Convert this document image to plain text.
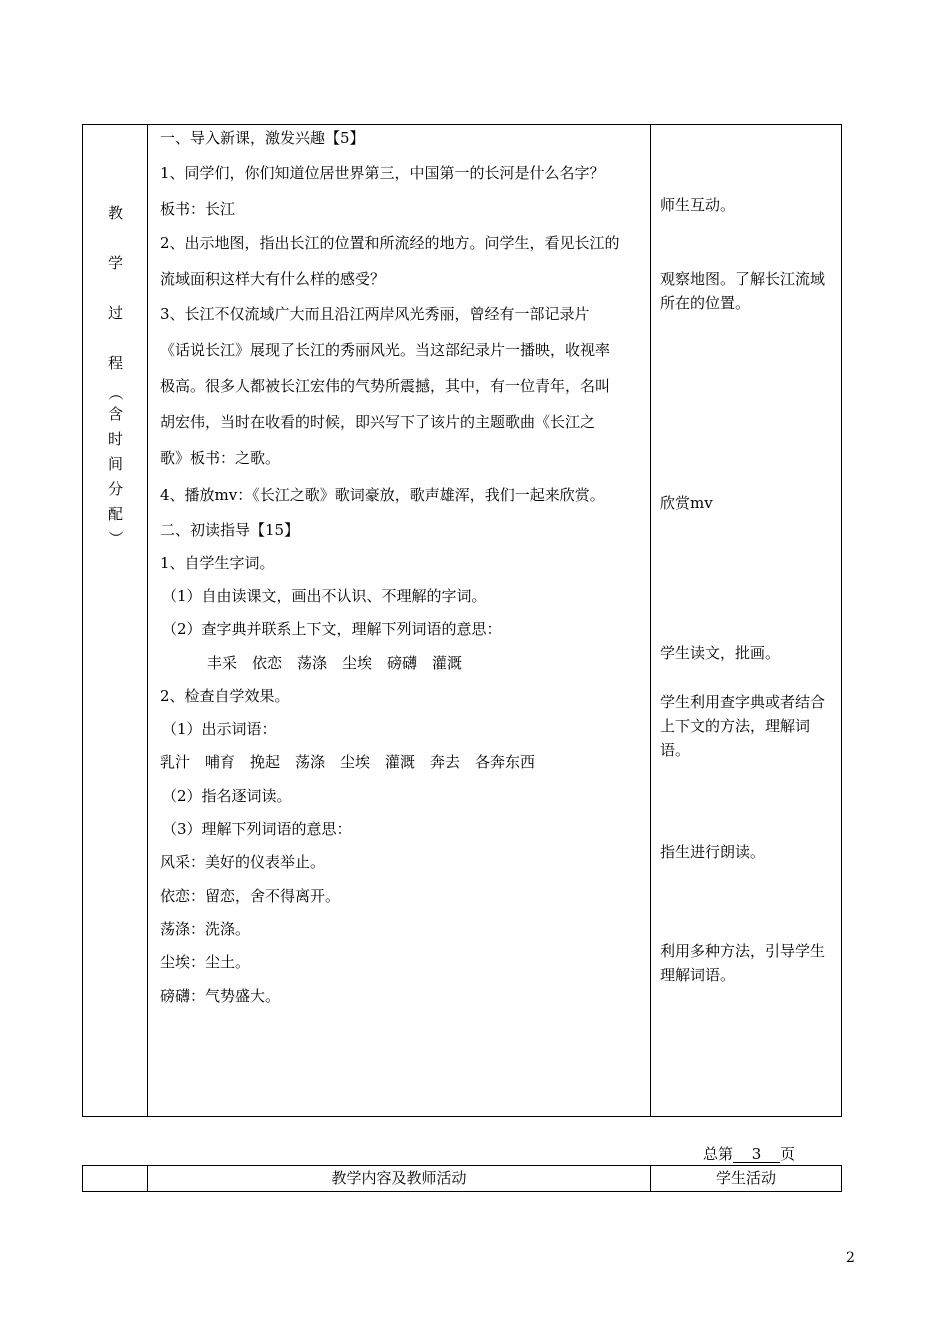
教
学
过
程
（
含
时
间
分
配
）
一、导入新课，激发兴趣【5】
1、同学们，你们知道位居世界第三，中国第一的长河是什么名字？
板书：长江
2、出示地图，指出长江的位置和所流经的地方。问学生，看见长江的
流域面积这样大有什么样的感受？
3、长江不仅流域广大而且沿江两岸风光秀丽，曾经有一部记录片
《话说长江》展现了长江的秀丽风光。当这部纪录片一播映，收视率
极高。很多人都被长江宏伟的气势所震撼，其中，有一位青年，名叫
胡宏伟，当时在收看的时候，即兴写下了该片的主题歌曲《长江之
歌》板书：之歌。
4、播放mv：《长江之歌》歌词豪放，歌声雄浑，我们一起来欣赏。
二、初读指导【15】
1、自学生字词。
（1）自由读课文，画出不认识、不理解的字词。
（2）查字典并联系上下文，理解下列词语的意思：
丰采　依恋　荡涤　尘埃　磅礴　灌溉
2、检查自学效果。
（1）出示词语：
乳汁　哺育　挽起　荡涤　尘埃　灌溉　奔去　各奔东西
（2）指名逐词读。
（3）理解下列词语的意思：
风采：美好的仪表举止。
依恋：留恋，舍不得离开。
荡涤：洗涤。
尘埃：尘土。
磅礴：气势盛大。
师生互动。
观察地图。了解长江流域所在的位置。
欣赏mv
学生读文，批画。
学生利用查字典或者结合上下文的方法，理解词语。
指生进行朗读。
利用多种方法，引导学生理解词语。
总第 3 页
教学内容及教师活动	学生活动
2
